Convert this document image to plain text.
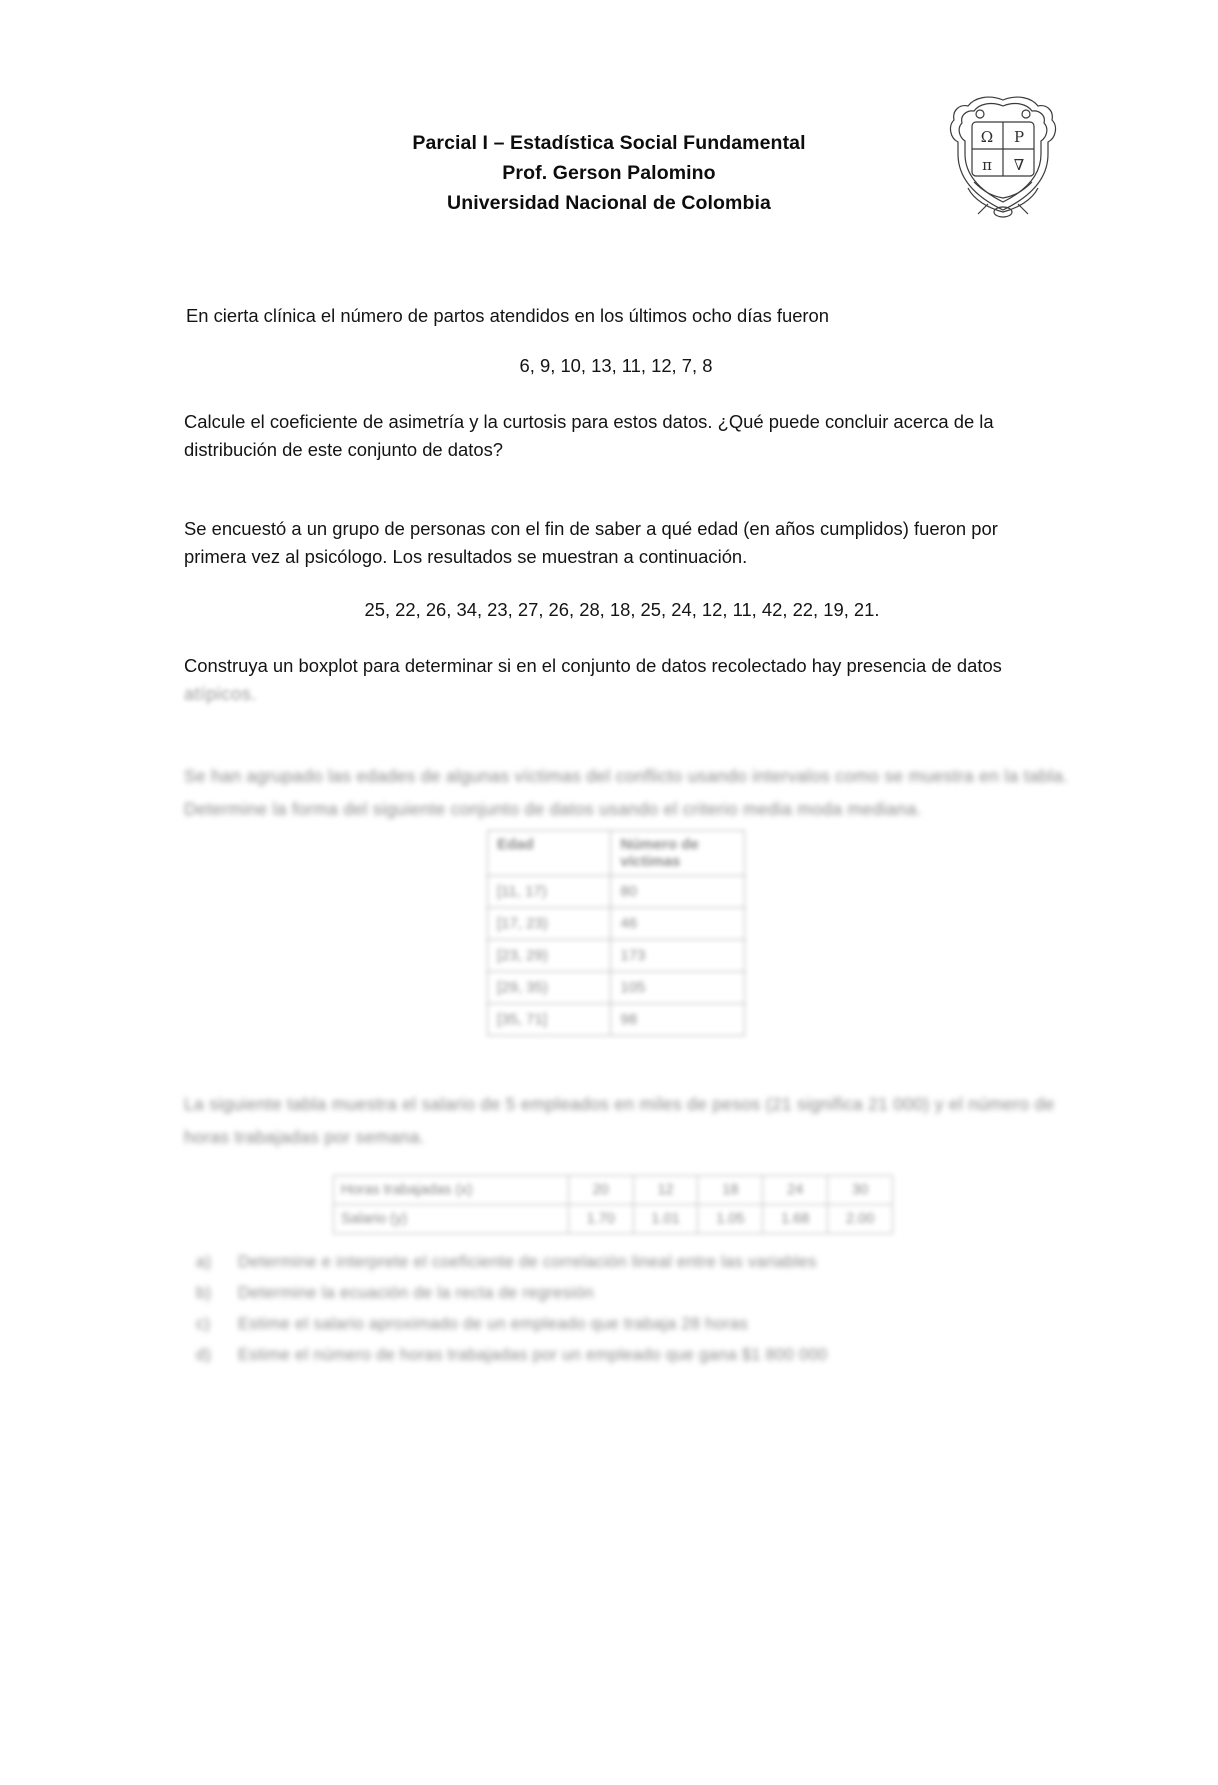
Ω P
π ∇
Parcial I – Estadística Social Fundamental
Prof. Gerson Palomino
Universidad Nacional de Colombia
En cierta clínica el número de partos atendidos en los últimos ocho días fueron
6, 9, 10, 13, 11, 12, 7, 8
Calcule el coeficiente de asimetría y la curtosis para estos datos. ¿Qué puede concluir acerca de la distribución de este conjunto de datos?
Se encuestó a un grupo de personas con el fin de saber a qué edad (en años cumplidos) fueron por primera vez al psicólogo. Los resultados se muestran a continuación.
25, 22, 26, 34, 23, 27, 26, 28, 18, 25, 24, 12, 11, 42, 22, 19, 21.
Construya un boxplot para determinar si en el conjunto de datos recolectado hay presencia de datos atípicos.
Se han agrupado las edades de algunas víctimas del conflicto usando intervalos como se muestra en la tabla. Determine la forma del siguiente conjunto de datos usando el criterio media moda mediana.
Edad	Número de víctimas
[11, 17)	80
[17, 23)	46
[23, 29)	173
[29, 35)	105
[35, 71]	98
La siguiente tabla muestra el salario de 5 empleados en miles de pesos (21 significa 21 000) y el número de horas trabajadas por semana.
Horas trabajadas (x)	20	12	18	24	30
Salario (y)	1.70	1.01	1.05	1.68	2.00
a)	Determine e interprete el coeficiente de correlación lineal entre las variables
b)	Determine la ecuación de la recta de regresión
c)	Estime el salario aproximado de un empleado que trabaja 28 horas
d)	Estime el número de horas trabajadas por un empleado que gana $1 800 000
